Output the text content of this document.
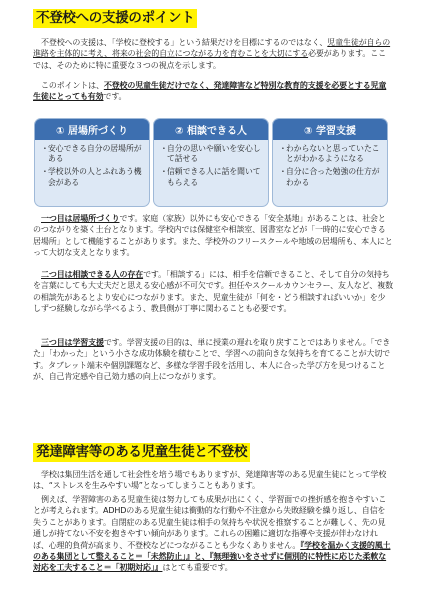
不登校への支援のポイント
不登校への支援は、「学校に登校する」という結果だけを目標にするのではなく、児童生徒が自らの進路を主体的に考え、将来の社会的自立につながる力を育むことを大切にする必要があります。ここでは、そのために特に重要な３つの視点を示します。
このポイントは、不登校の児童生徒だけでなく、発達障害など特別な教育的支援を必要とする児童生徒にとっても有効です。
① 居場所づくり
・ 安心できる自分の居場所がある
・ 学校以外の人とふれあう機会がある
② 相談できる人
・ 自分の思いや願いを安心して話せる
・ 信頼できる人に話を聞いてもらえる
③ 学習支援
・ わからないと思っていたことがわかるようになる
・ 自分に合った勉強の仕方がわかる
一つ目は居場所づくりです。家庭（家族）以外にも安心できる「安全基地」があることは、社会とのつながりを築く土台となります。学校内では保健室や相談室、図書室などが「一時的に安心できる居場所」として機能することがあります。また、学校外のフリースクールや地域の居場所も、本人にとって大切な支えとなります。
二つ目は相談できる人の存在です。「相談する」には、相手を信頼できること、そして自分の気持ちを言葉にしても大丈夫だと思える安心感が不可欠です。担任やスクールカウンセラー、友人など、複数の相談先があるとより安心につながります。また、児童生徒が「何を・どう相談すればいいか」を少しずつ経験しながら学べるよう、教員側が丁寧に関わることも必要です。
三つ目は学習支援です。学習支援の目的は、単に授業の遅れを取り戻すことではありません。「できた」「わかった」という小さな成功体験を積むことで、学習への前向きな気持ちを育てることが大切です。タブレット端末や個別課題など、多様な学習手段を活用し、本人に合った学び方を見つけることが、自己肯定感や自己効力感の向上につながります。
発達障害等のある児童生徒と不登校
学校は集団生活を通して社会性を培う場でもありますが、発達障害等のある児童生徒にとって学校は、“ストレスを生みやすい場”となってしまうこともあります。
例えば、学習障害のある児童生徒は努力しても成果が出にくく、学習面での挫折感を抱きやすいことが考えられます。ADHDのある児童生徒は衝動的な行動や不注意から失敗経験を繰り返し、自信を失うことがあります。自閉症のある児童生徒は相手の気持ちや状況を推察することが難しく、先の見通しが持てない不安を抱きやすい傾向があります。これらの困難に適切な指導や支援が伴わなければ、心理的負荷が高まり、不登校などにつながることも少なくありません。『学校を温かく支援的風土のある集団として整えること＝「未然防止」』と、『無理強いをさせずに個別的に特性に応じた柔軟な対応を工夫すること＝「初期対応」』はとても重要です。
